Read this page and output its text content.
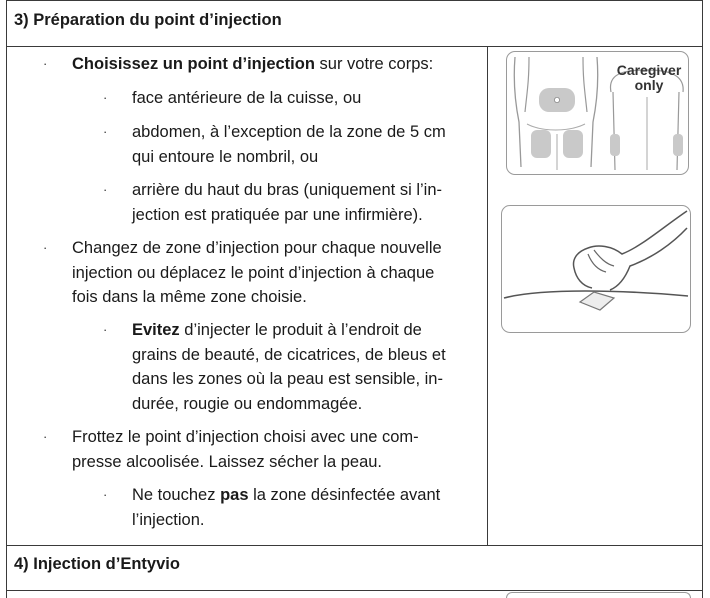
3) Préparation du point d’injection
· Choisissez un point d’injection sur votre corps:
· face antérieure de la cuisse, ou
· abdomen, à l’exception de la zone de 5 cm
qui entoure le nombril, ou
· arrière du haut du bras (uniquement si l’in-
jection est pratiquée par une infirmière).
· Changez de zone d’injection pour chaque nouvelle
injection ou déplacez le point d’injection à chaque
fois dans la même zone choisie.
· Evitez d’injecter le produit à l’endroit de
grains de beauté, de cicatrices, de bleus et
dans les zones où la peau est sensible, in-
durée, rougie ou endommagée.
· Frottez le point d’injection choisi avec une com-
presse alcoolisée. Laissez sécher la peau.
· Ne touchez pas la zone désinfectée avant
l’injection.
Caregiver
only
4) Injection d’Entyvio
